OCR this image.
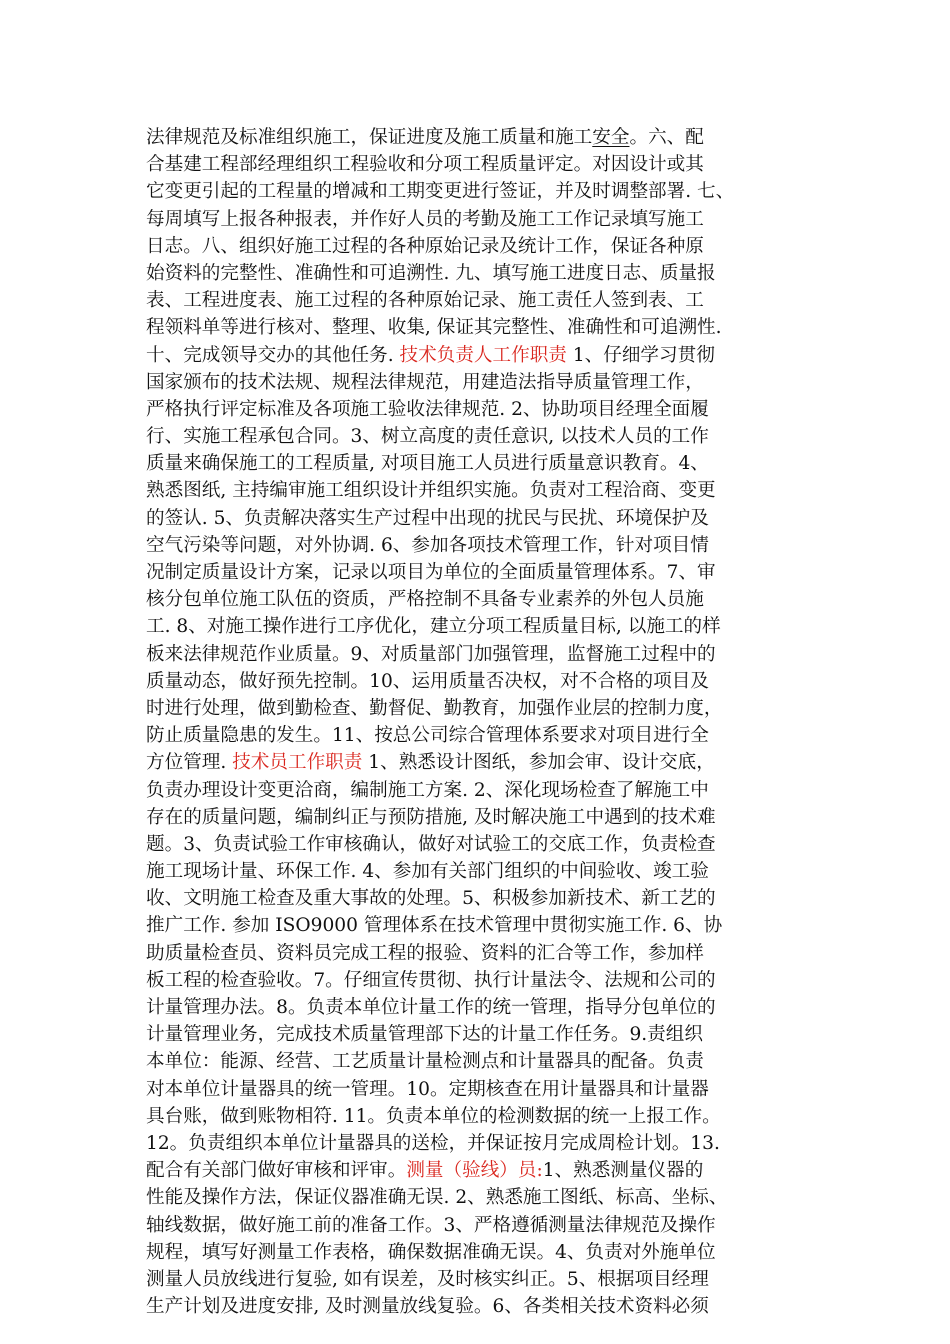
法律规范及标准组织施工，保证进度及施工质量和施工安全。六、配
合基建工程部经理组织工程验收和分项工程质量评定。对因设计或其
它变更引起的工程量的增减和工期变更进行签证，并及时调整部署. 七、
每周填写上报各种报表，并作好人员的考勤及施工工作记录填写施工
日志。八、组织好施工过程的各种原始记录及统计工作，保证各种原
始资料的完整性、准确性和可追溯性. 九、填写施工进度日志、质量报
表、工程进度表、施工过程的各种原始记录、施工责任人签到表、工
程领料单等进行核对、整理、收集, 保证其完整性、准确性和可追溯性.
十、完成领导交办的其他任务. 技术负责人工作职责 1、仔细学习贯彻
国家颁布的技术法规、规程法律规范，用建造法指导质量管理工作，
严格执行评定标准及各项施工验收法律规范. 2、协助项目经理全面履
行、实施工程承包合同。3、树立高度的责任意识, 以技术人员的工作
质量来确保施工的工程质量, 对项目施工人员进行质量意识教育。4、
熟悉图纸, 主持编审施工组织设计并组织实施。负责对工程洽商、变更
的签认. 5、负责解决落实生产过程中出现的扰民与民扰、环境保护及
空气污染等问题，对外协调. 6、参加各项技术管理工作，针对项目情
况制定质量设计方案，记录以项目为单位的全面质量管理体系。7、审
核分包单位施工队伍的资质，严格控制不具备专业素养的外包人员施
工. 8、对施工操作进行工序优化，建立分项工程质量目标, 以施工的样
板来法律规范作业质量。9、对质量部门加强管理，监督施工过程中的
质量动态，做好预先控制。10、运用质量否决权，对不合格的项目及
时进行处理，做到勤检查、勤督促、勤教育，加强作业层的控制力度，
防止质量隐患的发生。11、按总公司综合管理体系要求对项目进行全
方位管理. 技术员工作职责 1、熟悉设计图纸，参加会审、设计交底，
负责办理设计变更洽商，编制施工方案. 2、深化现场检查了解施工中
存在的质量问题，编制纠正与预防措施, 及时解决施工中遇到的技术难
题。3、负责试验工作审核确认，做好对试验工的交底工作，负责检查
施工现场计量、环保工作. 4、参加有关部门组织的中间验收、竣工验
收、文明施工检查及重大事故的处理。5、积极参加新技术、新工艺的
推广工作. 参加 ISO9000 管理体系在技术管理中贯彻实施工作. 6、协
助质量检查员、资料员完成工程的报验、资料的汇合等工作，参加样
板工程的检查验收。7。仔细宣传贯彻、执行计量法令、法规和公司的
计量管理办法。8。负责本单位计量工作的统一管理，指导分包单位的
计量管理业务，完成技术质量管理部下达的计量工作任务。9.责组织
本单位：能源、经营、工艺质量计量检测点和计量器具的配备。负责
对本单位计量器具的统一管理。10。定期核查在用计量器具和计量器
具台账，做到账物相符. 11。负责本单位的检测数据的统一上报工作。
12。负责组织本单位计量器具的送检，并保证按月完成周检计划。13.
配合有关部门做好审核和评审。测量（验线）员:1、熟悉测量仪器的
性能及操作方法，保证仪器准确无误. 2、熟悉施工图纸、标高、坐标、
轴线数据，做好施工前的准备工作。3、严格遵循测量法律规范及操作
规程，填写好测量工作表格，确保数据准确无误。4、负责对外施单位
测量人员放线进行复验, 如有误差，及时核实纠正。5、根据项目经理
生产计划及进度安排, 及时测量放线复验。6、各类相关技术资料必须
